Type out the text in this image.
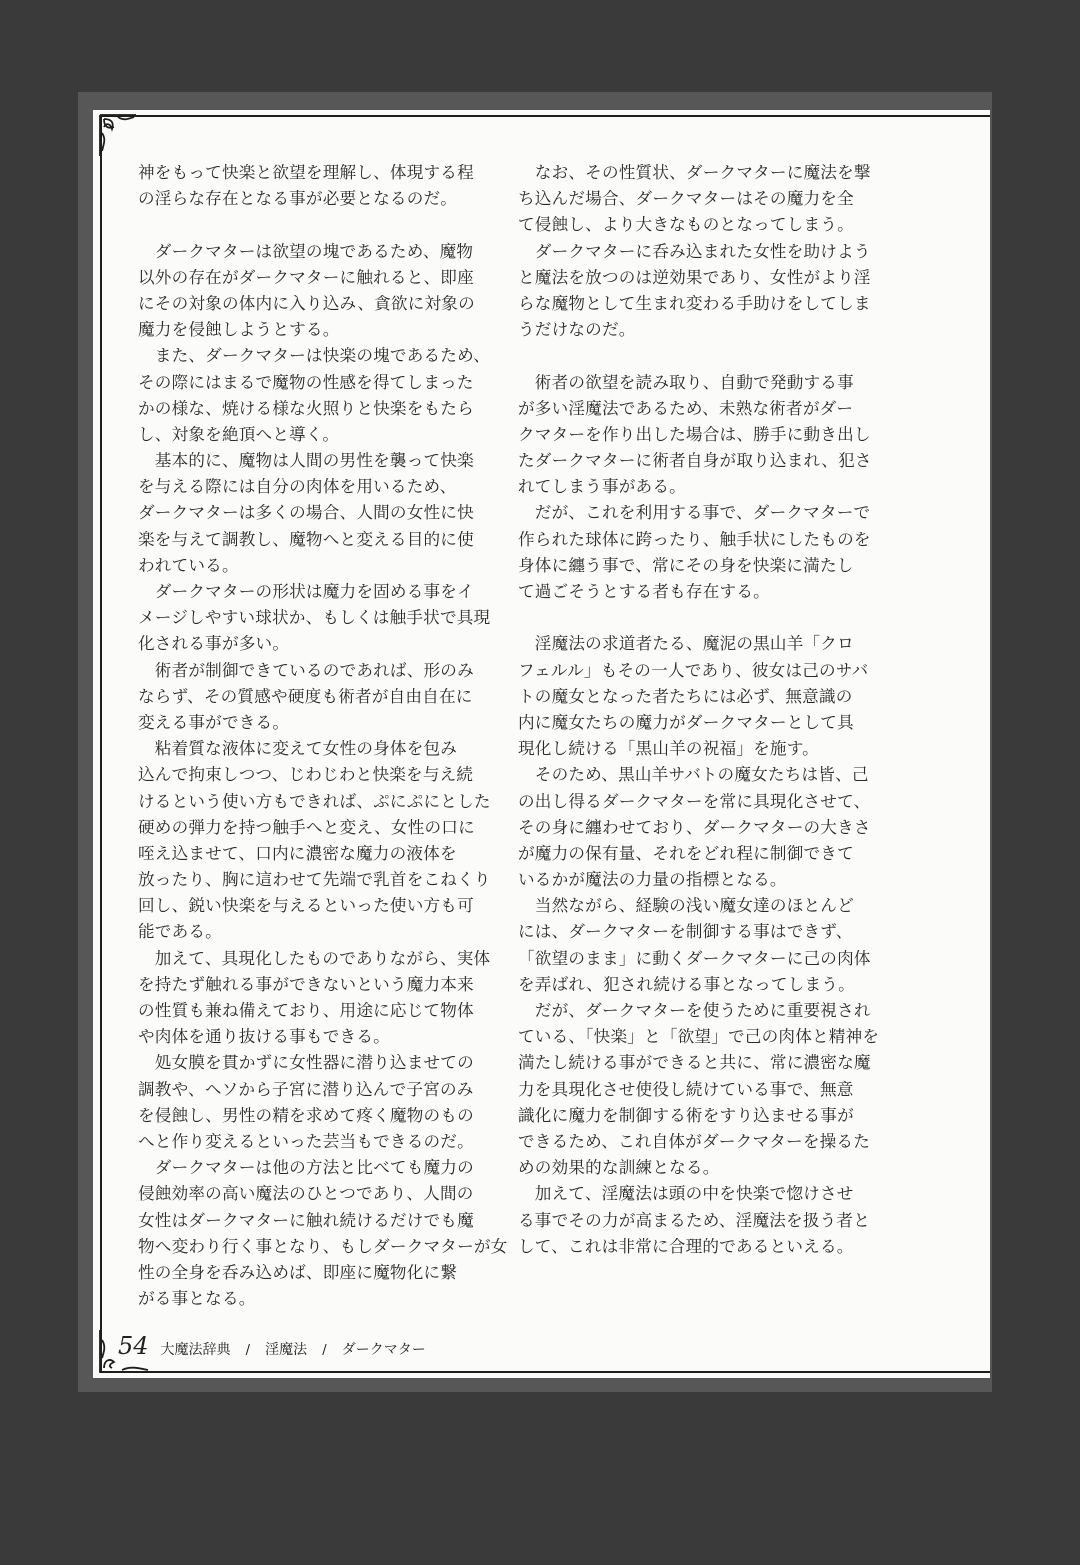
神をもって快楽と欲望を理解し、体現する程
の淫らな存在となる事が必要となるのだ。
　ダークマターは欲望の塊であるため、魔物
以外の存在がダークマターに触れると、即座
にその対象の体内に入り込み、貪欲に対象の
魔力を侵蝕しようとする。
　また、ダークマターは快楽の塊であるため、
その際にはまるで魔物の性感を得てしまった
かの様な、焼ける様な火照りと快楽をもたら
し、対象を絶頂へと導く。
　基本的に、魔物は人間の男性を襲って快楽
を与える際には自分の肉体を用いるため、
ダークマターは多くの場合、人間の女性に快
楽を与えて調教し、魔物へと変える目的に使
われている。
　ダークマターの形状は魔力を固める事をイ
メージしやすい球状か、もしくは触手状で具現
化される事が多い。
　術者が制御できているのであれば、形のみ
ならず、その質感や硬度も術者が自由自在に
変える事ができる。
　粘着質な液体に変えて女性の身体を包み
込んで拘束しつつ、じわじわと快楽を与え続
けるという使い方もできれば、ぷにぷにとした
硬めの弾力を持つ触手へと変え、女性の口に
咥え込ませて、口内に濃密な魔力の液体を
放ったり、胸に這わせて先端で乳首をこねくり
回し、鋭い快楽を与えるといった使い方も可
能である。
　加えて、具現化したものでありながら、実体
を持たず触れる事ができないという魔力本来
の性質も兼ね備えており、用途に応じて物体
や肉体を通り抜ける事もできる。
　処女膜を貫かずに女性器に潜り込ませての
調教や、ヘソから子宮に潜り込んで子宮のみ
を侵蝕し、男性の精を求めて疼く魔物のもの
へと作り変えるといった芸当もできるのだ。
　ダークマターは他の方法と比べても魔力の
侵蝕効率の高い魔法のひとつであり、人間の
女性はダークマターに触れ続けるだけでも魔
物へ変わり行く事となり、もしダークマターが女
性の全身を呑み込めば、即座に魔物化に繋
がる事となる。
　なお、その性質状、ダークマターに魔法を撃
ち込んだ場合、ダークマターはその魔力を全
て侵蝕し、より大きなものとなってしまう。
　ダークマターに呑み込まれた女性を助けよう
と魔法を放つのは逆効果であり、女性がより淫
らな魔物として生まれ変わる手助けをしてしま
うだけなのだ。
　術者の欲望を読み取り、自動で発動する事
が多い淫魔法であるため、未熟な術者がダー
クマターを作り出した場合は、勝手に動き出し
たダークマターに術者自身が取り込まれ、犯さ
れてしまう事がある。
　だが、これを利用する事で、ダークマターで
作られた球体に跨ったり、触手状にしたものを
身体に纏う事で、常にその身を快楽に満たし
て過ごそうとする者も存在する。
　淫魔法の求道者たる、魔泥の黒山羊「クロ
フェルル」もその一人であり、彼女は己のサバ
トの魔女となった者たちには必ず、無意識の
内に魔女たちの魔力がダークマターとして具
現化し続ける「黒山羊の祝福」を施す。
　そのため、黒山羊サバトの魔女たちは皆、己
の出し得るダークマターを常に具現化させて、
その身に纏わせており、ダークマターの大きさ
が魔力の保有量、それをどれ程に制御できて
いるかが魔法の力量の指標となる。
　当然ながら、経験の浅い魔女達のほとんど
には、ダークマターを制御する事はできず、
「欲望のまま」に動くダークマターに己の肉体
を弄ばれ、犯され続ける事となってしまう。
　だが、ダークマターを使うために重要視され
ている、「快楽」と「欲望」で己の肉体と精神を
満たし続ける事ができると共に、常に濃密な魔
力を具現化させ使役し続けている事で、無意
識化に魔力を制御する術をすり込ませる事が
できるため、これ自体がダークマターを操るた
めの効果的な訓練となる。
　加えて、淫魔法は頭の中を快楽で惚けさせ
る事でその力が高まるため、淫魔法を扱う者と
して、これは非常に合理的であるといえる。
54 大魔法辞典 / 淫魔法 / ダークマター
